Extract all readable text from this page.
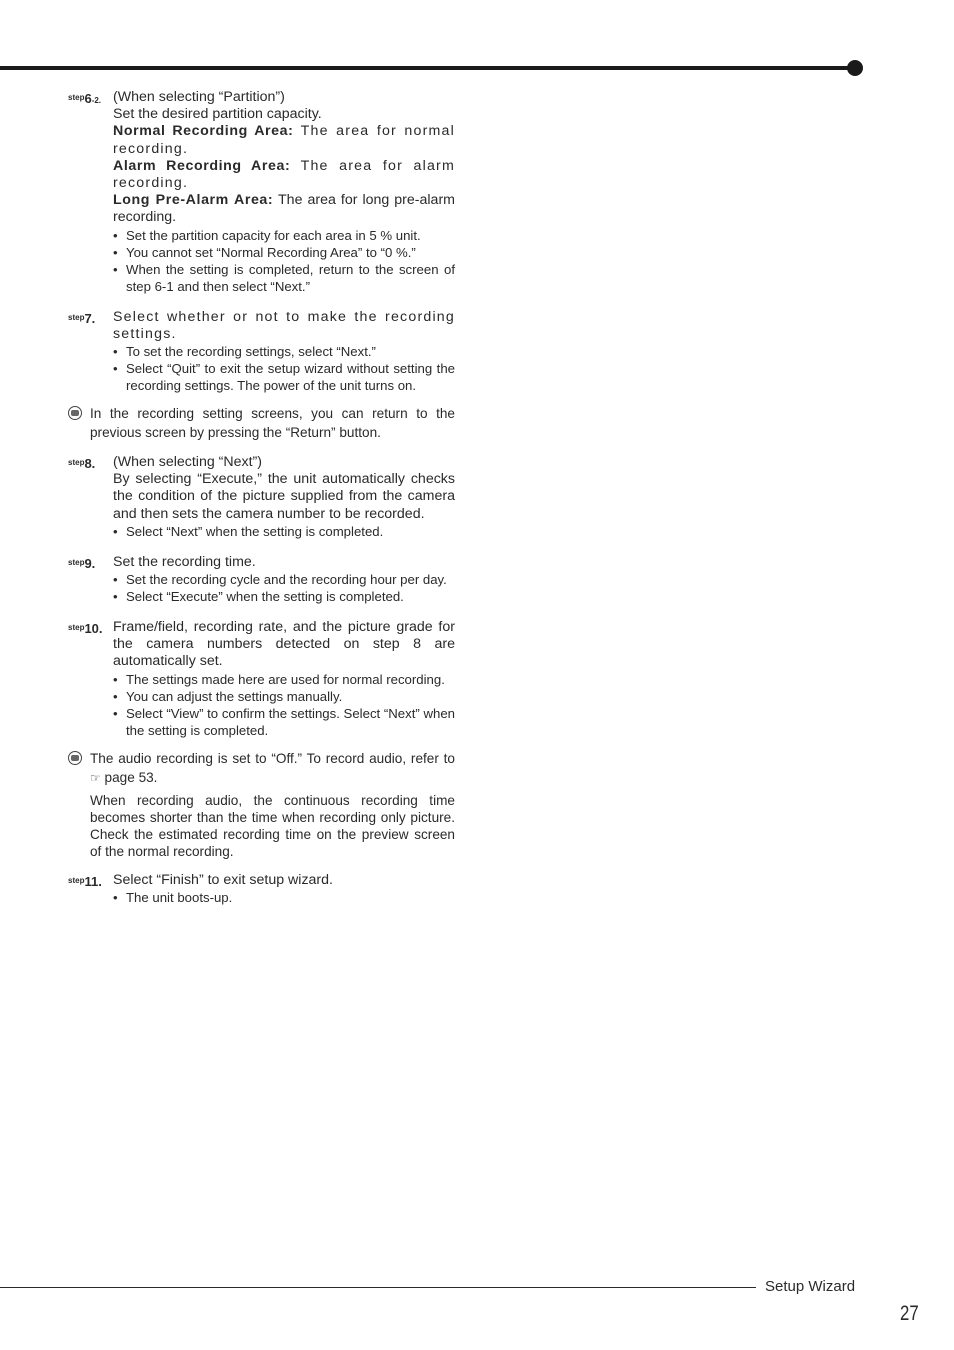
$^{step}$6-2. (When selecting “Partition”)

Set the desired partition capacity.

Normal Recording Area: The area for normal recording.

Alarm Recording Area: The area for alarm recording.

Long Pre-Alarm Area: The area for long pre-alarm recording.

• Set the partition capacity for each area in 5 % unit.
• You cannot set “Normal Recording Area” to “0 %.”
• When the setting is completed, return to the screen of step 6-1 and then select “Next.”
$^{step}$7. Select whether or not to make the recording settings.

• To set the recording settings, select “Next.”
• Select “Quit” to exit the setup wizard without setting the recording settings. The power of the unit turns on.

In the recording setting screens, you can return to the previous screen by pressing the “Return” button.

$^{step}$8. (When selecting “Next”)

By selecting “Execute,” the unit automatically checks the condition of the picture supplied from the camera and then sets the camera number to be recorded.

• Select “Next” when the setting is completed.
$^{step}$9. Set the recording time.

• Set the recording cycle and the recording hour per day.
• Select “Execute” when the setting is completed.
$^{step}$10. Frame/field, recording rate, and the picture grade for the camera numbers detected on step 8 are automatically set.

• The settings made here are used for normal recording.
• You can adjust the settings manually.
• Select “View” to confirm the settings. Select “Next” when the setting is completed.

The audio recording is set to “Off.” To record audio, refer to ☞ page 53.

When recording audio, the continuous recording time becomes shorter than the time when recording only picture. Check the estimated recording time on the preview screen of the normal recording.

$^{step}$11. Select “Finish” to exit setup wizard.

• The unit boots-up.
Setup Wizard
27
